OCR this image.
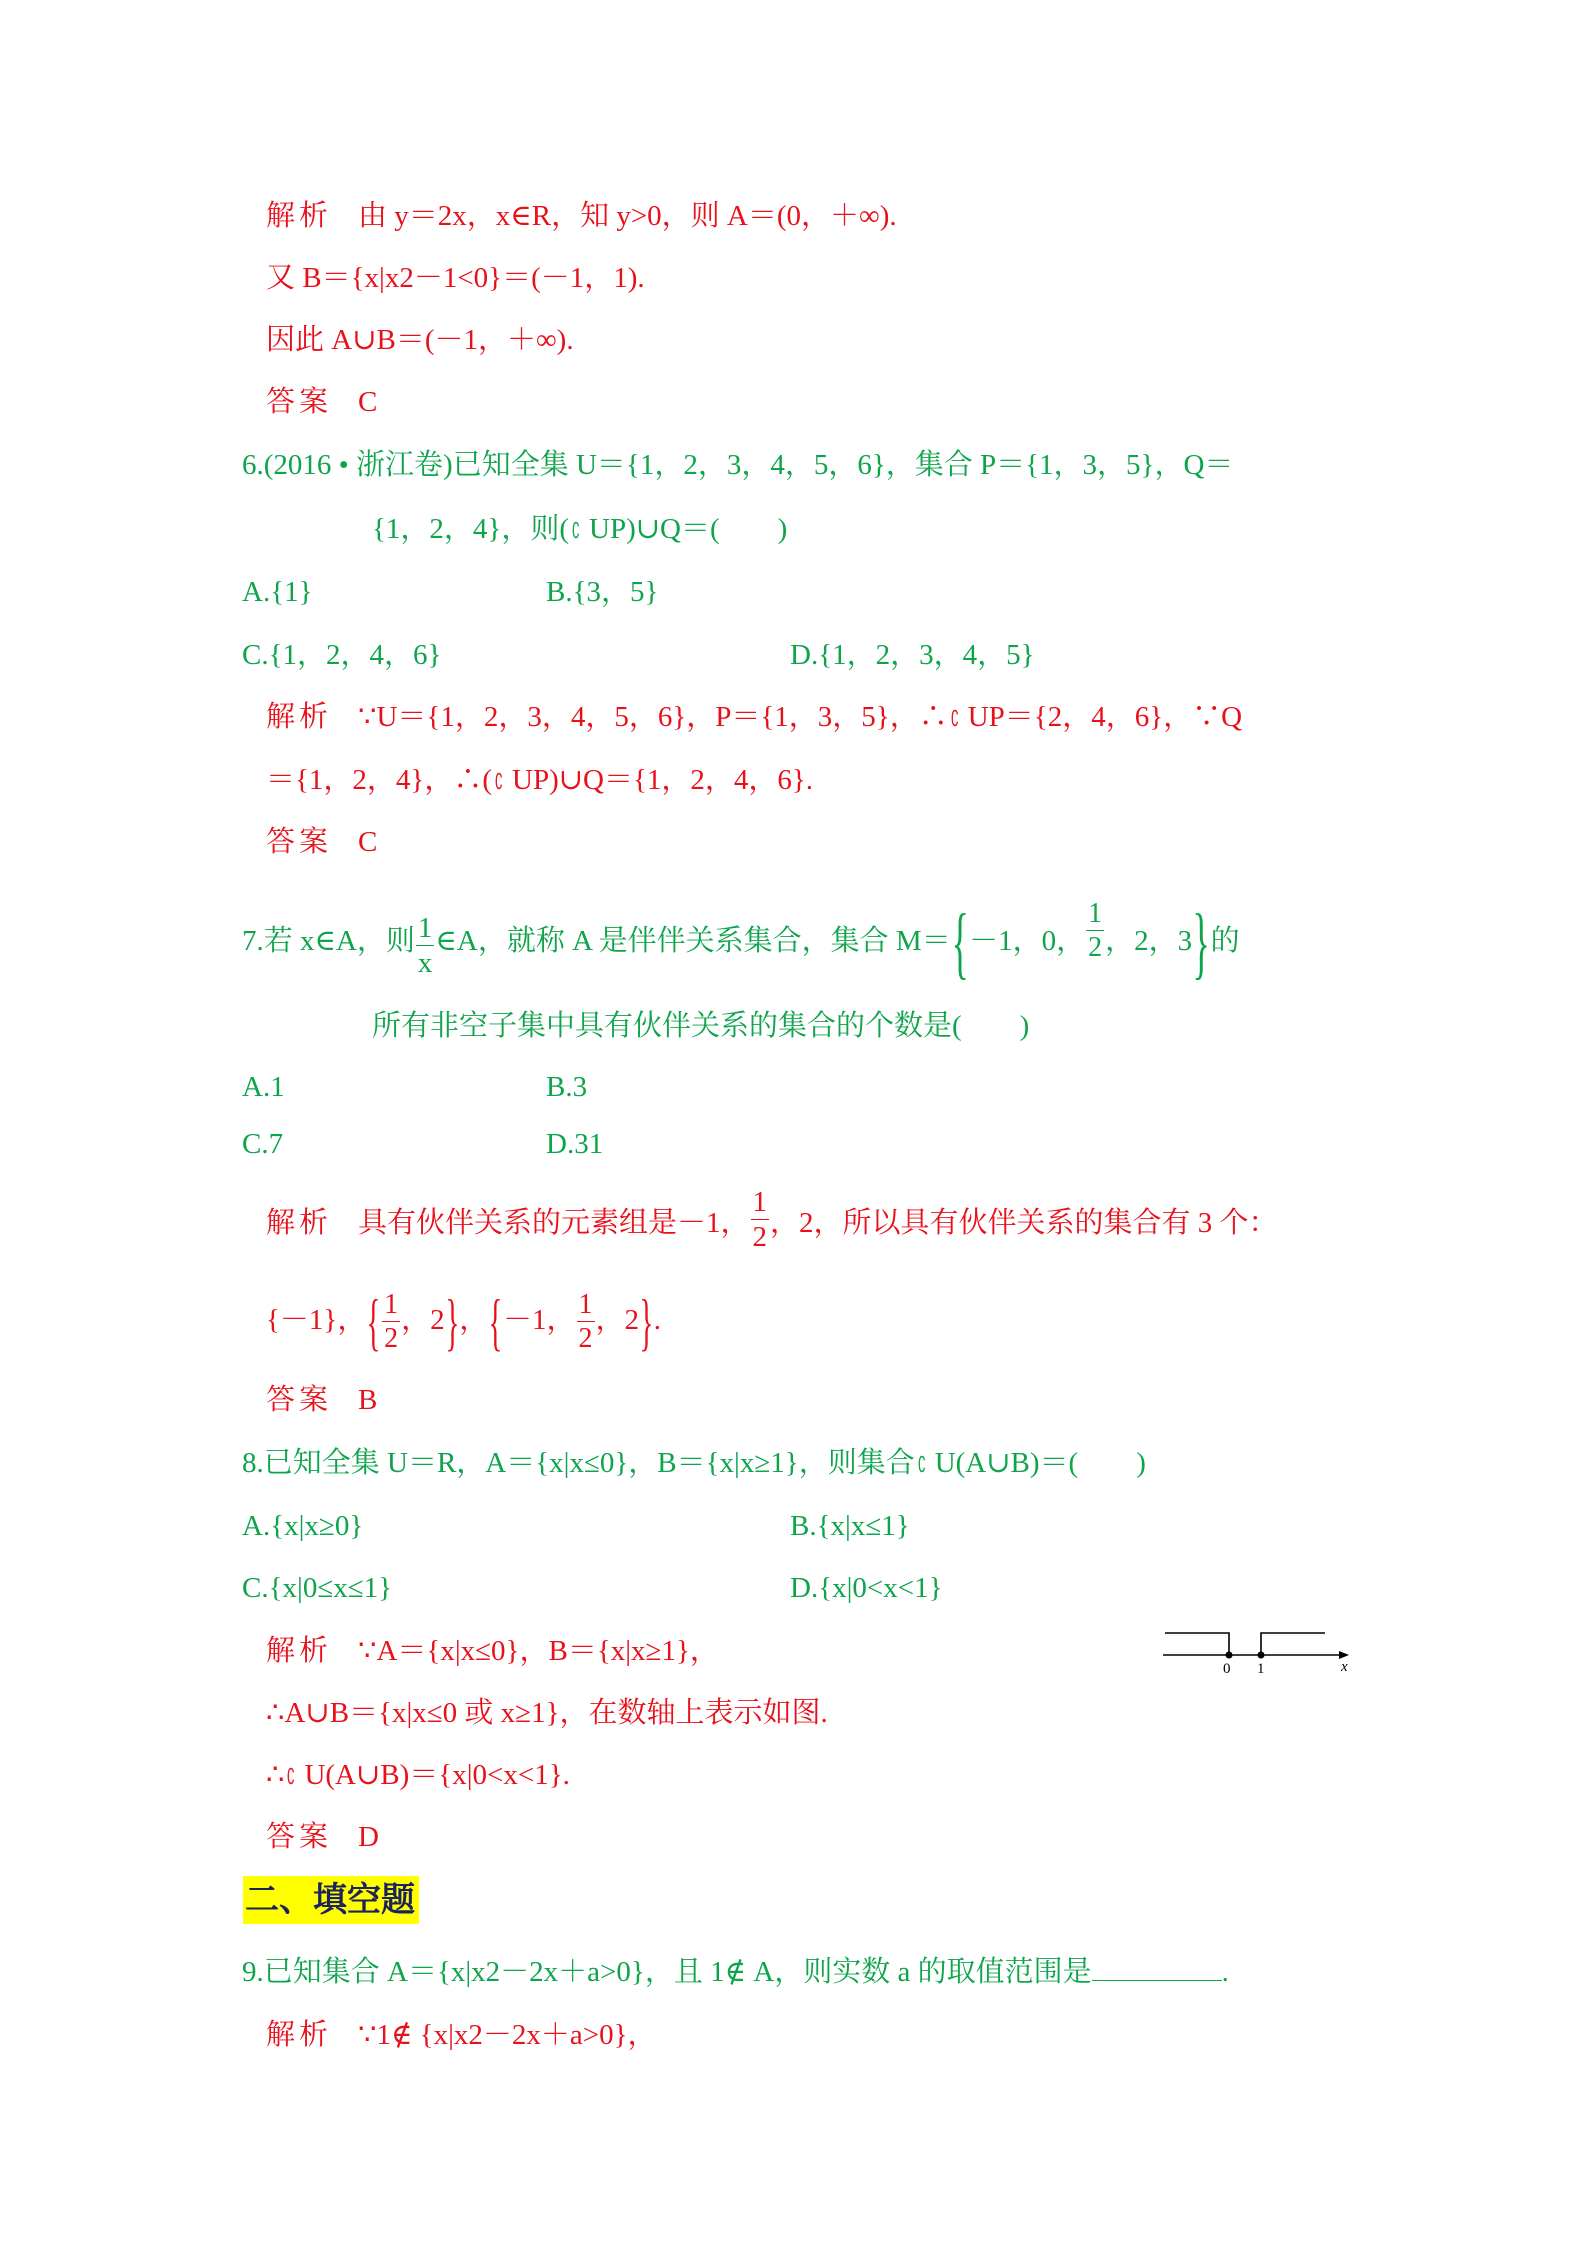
解析 由 y＝2x，x∈R，知 y>0，则 A＝(0，＋∞).
又 B＝{x|x2－1<0}＝(－1，1).
因此 A∪B＝(－1，＋∞).
答案 C
6.(2016 • 浙江卷)已知全集 U＝{1，2，3，4，5，6}，集合 P＝{1，3，5}，Q＝
{1，2，4}，则( ∁ UP)∪Q＝(　　)
A.{1}	B.{3，5}
C.{1，2，4，6}	D.{1，2，3，4，5}
解析 ∵U＝{1，2，3，4，5，6}，P＝{1，3，5}，∴ ∁ UP＝{2，4，6}，∵Q
＝{1，2，4}，∴( ∁ UP)∪Q＝{1，2，4，6}.
答案 C
7.若 x∈A，则 $\frac{1}{x}$ ∈A，就称 A 是伴伴关系集合，集合 M＝{－1，0， $\frac{1}{2}$ ，2，3}的
所有非空子集中具有伙伴关系的集合的个数是(　　)
A.1	B.3
C.7	D.31
解析 具有伙伴关系的元素组是－1， $\frac{1}{2}$ ，2，所以具有伙伴关系的集合有 3 个：
{－1}，{ $\frac{1}{2}$ ，2}，{－1， $\frac{1}{2}$ ，2}.
答案 B
8.已知全集 U＝R，A＝{x|x≤0}，B＝{x|x≥1}，则集合 ∁ U(A∪B)＝(　　)
A.{x|x≥0}	B.{x|x≤1}
C.{x|0≤x≤1}	D.{x|0<x<1}
解析 ∵A＝{x|x≤0}，B＝{x|x≥1}，
∴A∪B＝{x|x≤0 或 x≥1}，在数轴上表示如图.
∴ ∁ U(A∪B)＝{x|0<x<1}.
答案 D
0 1	x
二、填空题
9.已知集合 A＝{x|x2－2x＋a>0}，且 1∉ A，则实数 a 的取值范围是	.
解析 ∵1∉ {x|x2－2x＋a>0}，
